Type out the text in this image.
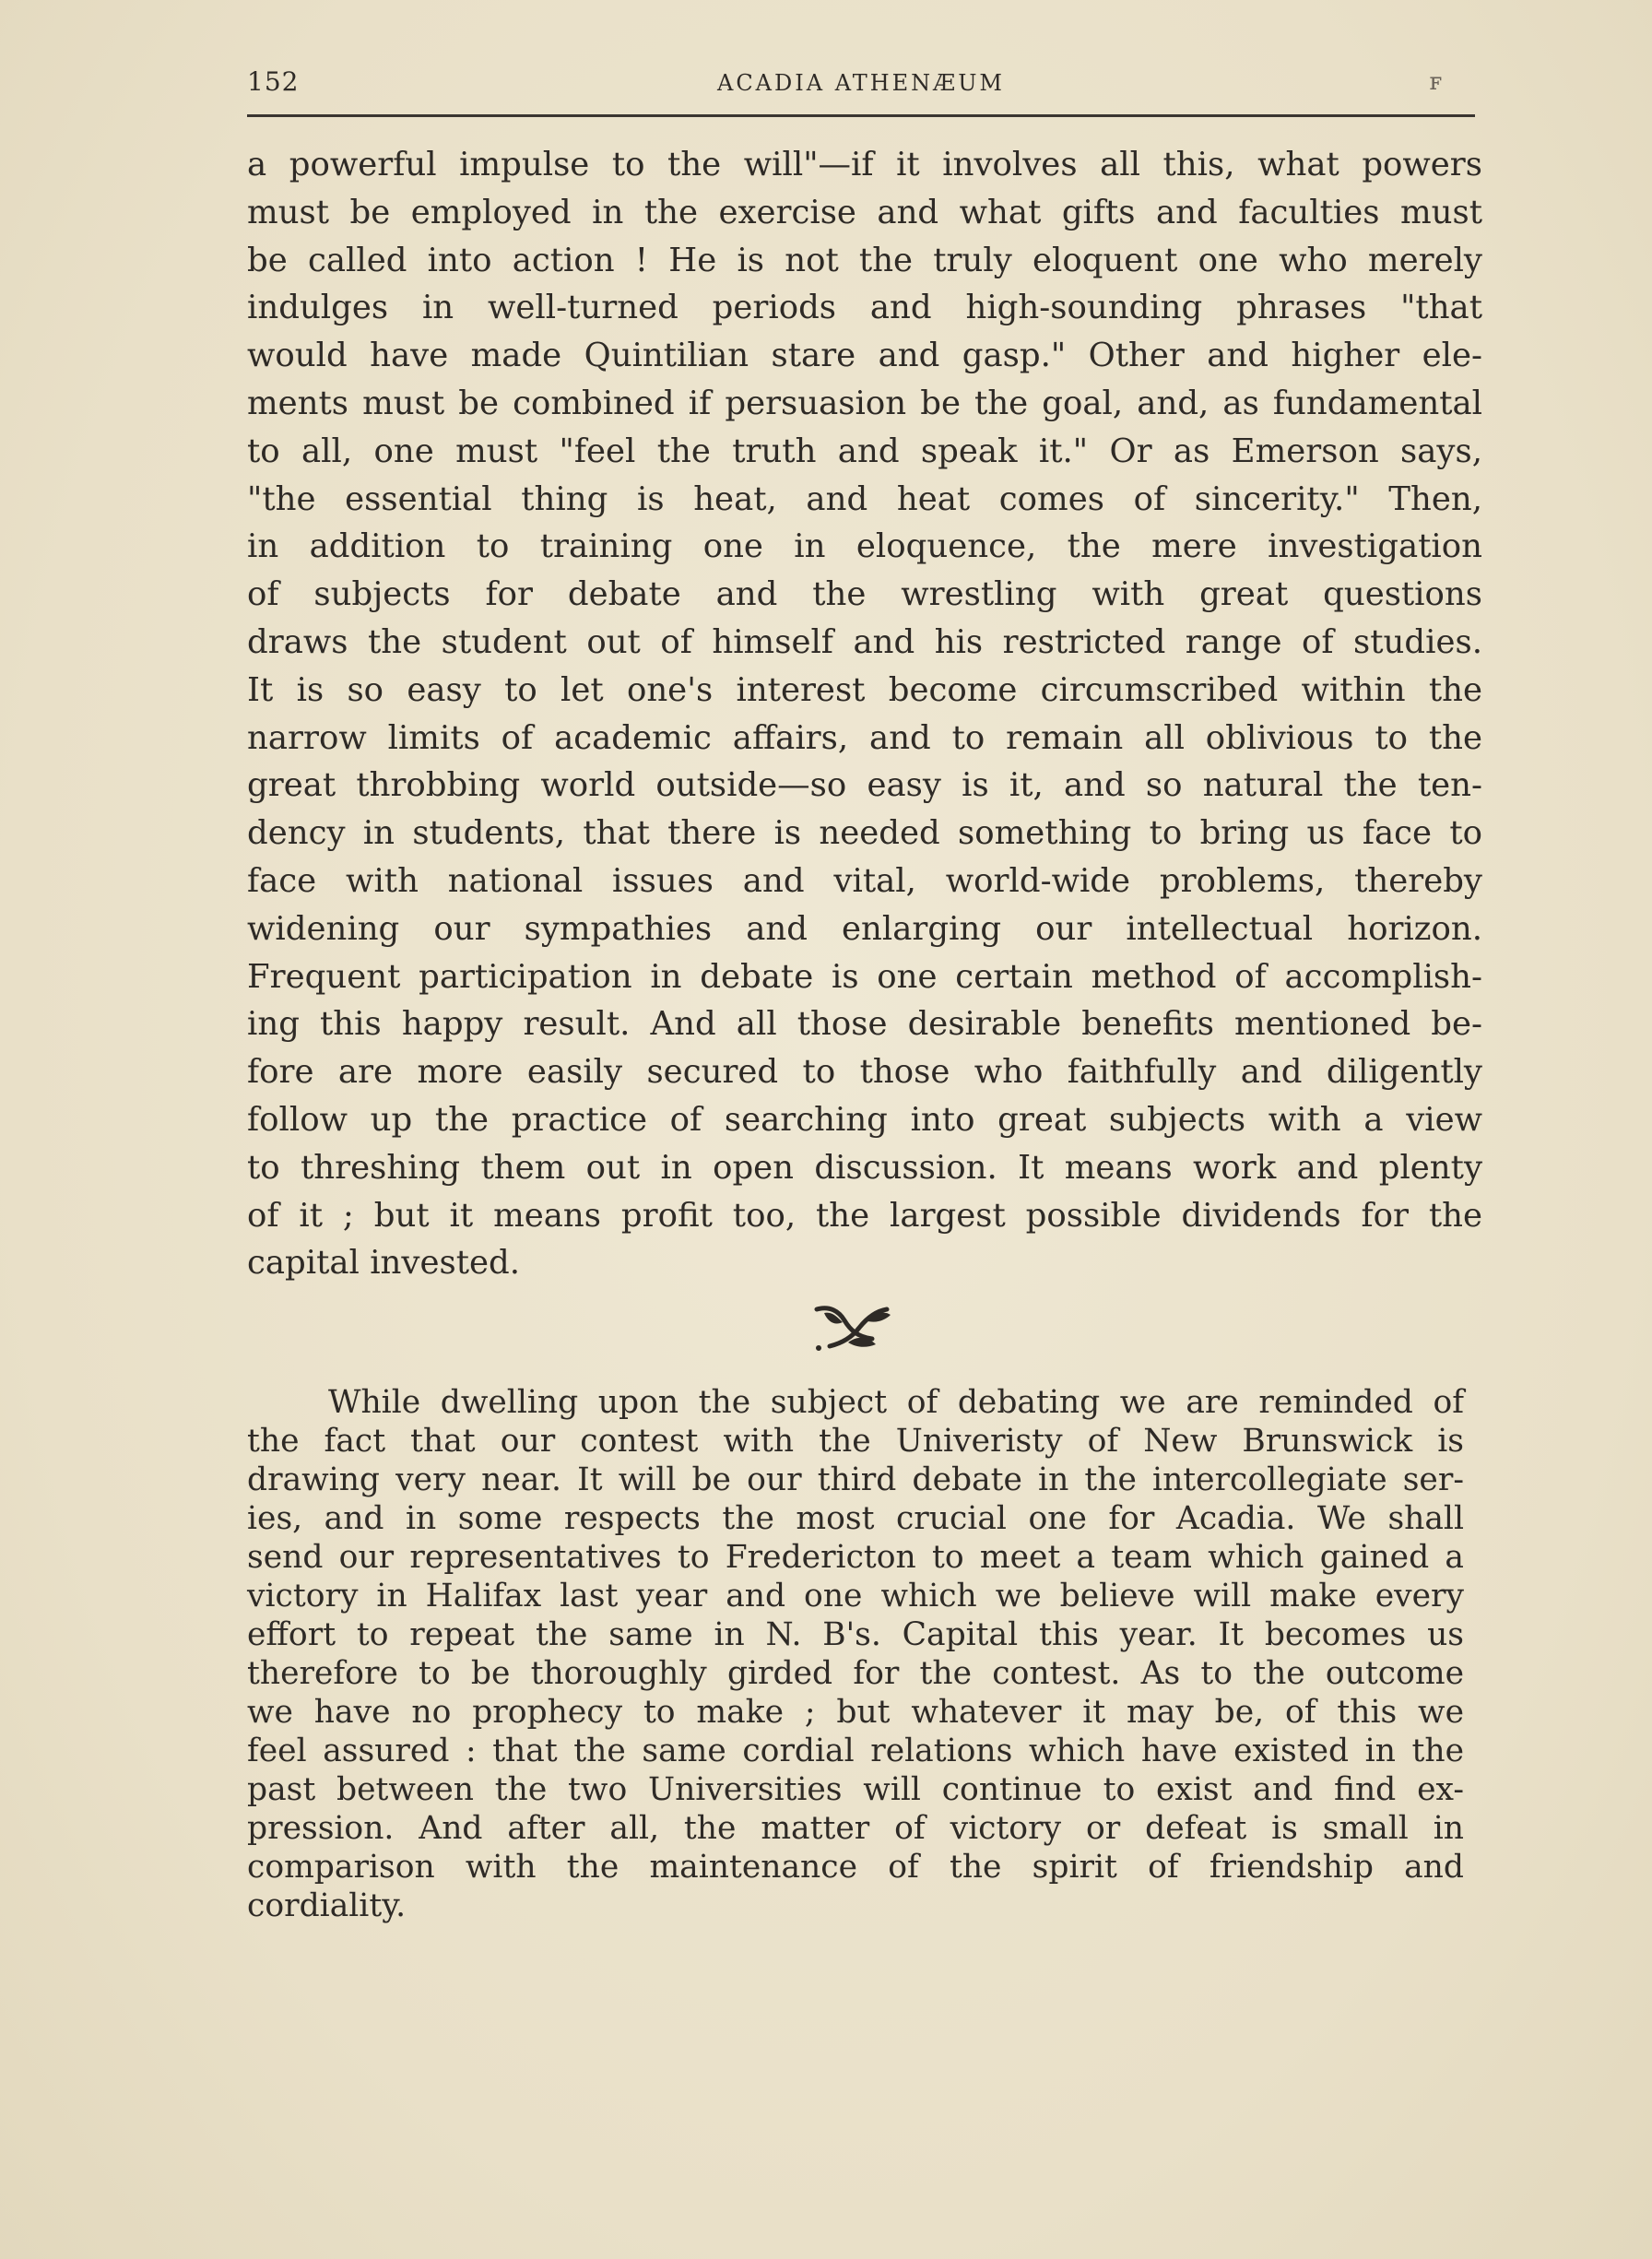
152	ACADIA ATHENÆUM	ꜰ
a powerful impulse to the will"—if it involves all this, what powers
must be employed in the exercise and what gifts and faculties must
be called into action ! He is not the truly eloquent one who merely
indulges in well-turned periods and high-sounding phrases "that
would have made Quintilian stare and gasp." Other and higher ele-
ments must be combined if persuasion be the goal, and, as fundamental
to all, one must "feel the truth and speak it." Or as Emerson says,
"the essential thing is heat, and heat comes of sincerity." Then,
in addition to training one in eloquence, the mere investigation
of subjects for debate and the wrestling with great questions
draws the student out of himself and his restricted range of studies.
It is so easy to let one's interest become circumscribed within the
narrow limits of academic affairs, and to remain all oblivious to the
great throbbing world outside—so easy is it, and so natural the ten-
dency in students, that there is needed something to bring us face to
face with national issues and vital, world-wide problems, thereby
widening our sympathies and enlarging our intellectual horizon.
Frequent participation in debate is one certain method of accomplish-
ing this happy result. And all those desirable benefits mentioned be-
fore are more easily secured to those who faithfully and diligently
follow up the practice of searching into great subjects with a view
to threshing them out in open discussion. It means work and plenty
of it ; but it means profit too, the largest possible dividends for the
capital invested.
While dwelling upon the subject of debating we are reminded of
the fact that our contest with the Univeristy of New Brunswick is
drawing very near. It will be our third debate in the intercollegiate ser-
ies, and in some respects the most crucial one for Acadia. We shall
send our representatives to Fredericton to meet a team which gained a
victory in Halifax last year and one which we believe will make every
effort to repeat the same in N. B's. Capital this year. It becomes us
therefore to be thoroughly girded for the contest. As to the outcome
we have no prophecy to make ; but whatever it may be, of this we
feel assured : that the same cordial relations which have existed in the
past between the two Universities will continue to exist and find ex-
pression. And after all, the matter of victory or defeat is small in
comparison with the maintenance of the spirit of friendship and
cordiality.
